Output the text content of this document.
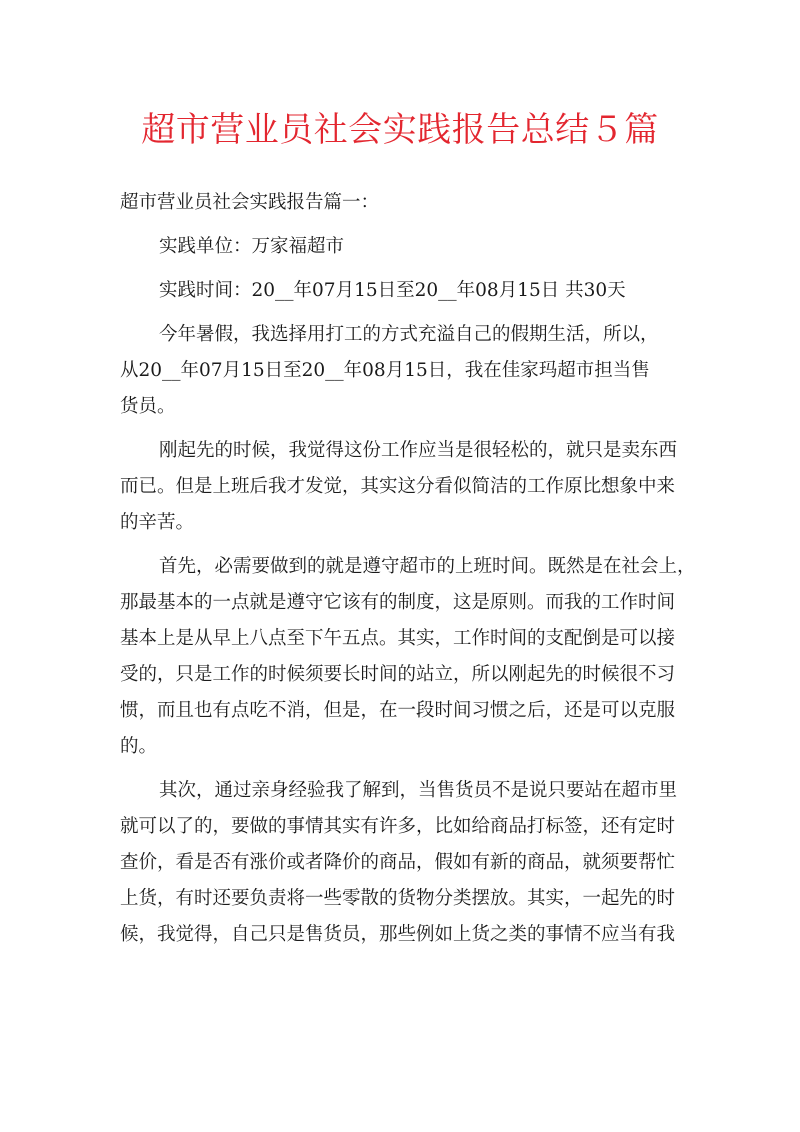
超市营业员社会实践报告总结５篇
超市营业员社会实践报告篇一：
实践单位：万家福超市
实践时间：20__年07月15日至20__年08月15日 共30天
今年暑假，我选择用打工的方式充溢自己的假期生活，所以，
从20__年07月15日至20__年08月15日，我在佳家玛超市担当售
货员。
刚起先的时候，我觉得这份工作应当是很轻松的，就只是卖东西
而已。但是上班后我才发觉，其实这分看似简洁的工作原比想象中来
的辛苦。
首先，必需要做到的就是遵守超市的上班时间。既然是在社会上，
那最基本的一点就是遵守它该有的制度，这是原则。而我的工作时间
基本上是从早上八点至下午五点。其实，工作时间的支配倒是可以接
受的，只是工作的时候须要长时间的站立，所以刚起先的时候很不习
惯，而且也有点吃不消，但是，在一段时间习惯之后，还是可以克服
的。
其次，通过亲身经验我了解到，当售货员不是说只要站在超市里
就可以了的，要做的事情其实有许多，比如给商品打标签，还有定时
查价，看是否有涨价或者降价的商品，假如有新的商品，就须要帮忙
上货，有时还要负责将一些零散的货物分类摆放。其实，一起先的时
候，我觉得，自己只是售货员，那些例如上货之类的事情不应当有我
